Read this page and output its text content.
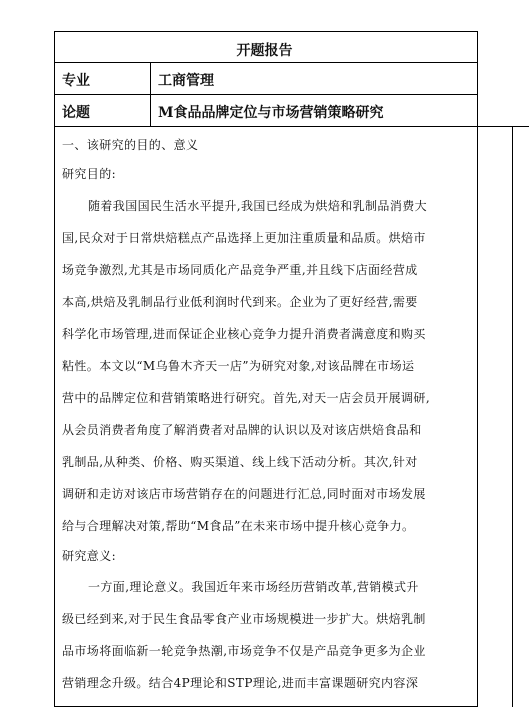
开题报告
专业	工商管理
论题	M食品品牌定位与市场营销策略研究
一、该研究的目的、意义
研究目的:
随着我国国民生活水平提升,我国已经成为烘焙和乳制品消费大
国,民众对于日常烘焙糕点产品选择上更加注重质量和品质。烘焙市
场竞争激烈,尤其是市场同质化产品竞争严重,并且线下店面经营成
本高,烘焙及乳制品行业低利润时代到来。企业为了更好经营,需要
科学化市场管理,进而保证企业核心竞争力提升消费者满意度和购买
粘性。本文以“M乌鲁木齐天一店”为研究对象,对该品牌在市场运
营中的品牌定位和营销策略进行研究。首先,对天一店会员开展调研,
从会员消费者角度了解消费者对品牌的认识以及对该店烘焙食品和
乳制品,从种类、价格、购买渠道、线上线下活动分析。其次,针对
调研和走访对该店市场营销存在的问题进行汇总,同时面对市场发展
给与合理解决对策,帮助“M食品”在未来市场中提升核心竞争力。
研究意义:
一方面,理论意义。我国近年来市场经历营销改革,营销模式升
级已经到来,对于民生食品零食产业市场规模进一步扩大。烘焙乳制
品市场将面临新一轮竞争热潮,市场竞争不仅是产品竞争更多为企业
营销理念升级。结合4P理论和STP理论,进而丰富课题研究内容深
